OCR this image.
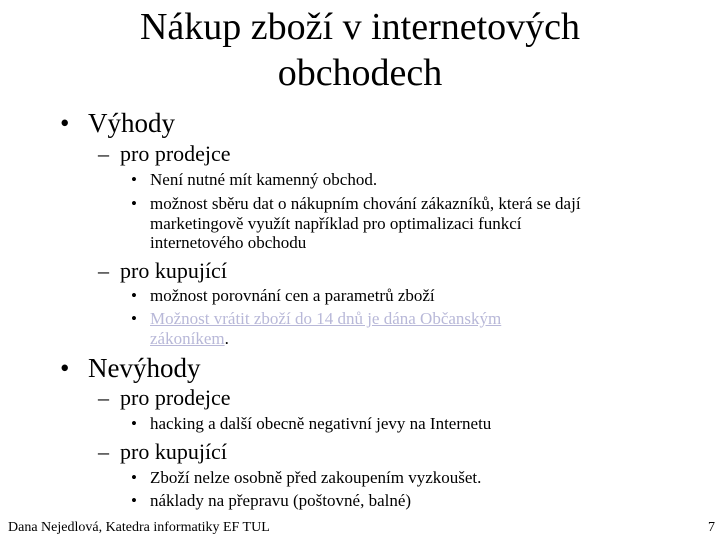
Nákup zboží v internetových
obchodech
• Výhody
– pro prodejce
• Není nutné mít kamenný obchod.
• možnost sběru dat o nákupním chování zákazníků, která se dají
marketingově využít například pro optimalizaci funkcí
internetového obchodu
– pro kupující
• možnost porovnání cen a parametrů zboží
• Možnost vrátit zboží do 14 dnů je dána Občanským
zákoníkem.
• Nevýhody
– pro prodejce
• hacking a další obecně negativní jevy na Internetu
– pro kupující
• Zboží nelze osobně před zakoupením vyzkoušet.
• náklady na přepravu (poštovné, balné)
Dana Nejedlová, Katedra informatiky EF TUL	7
